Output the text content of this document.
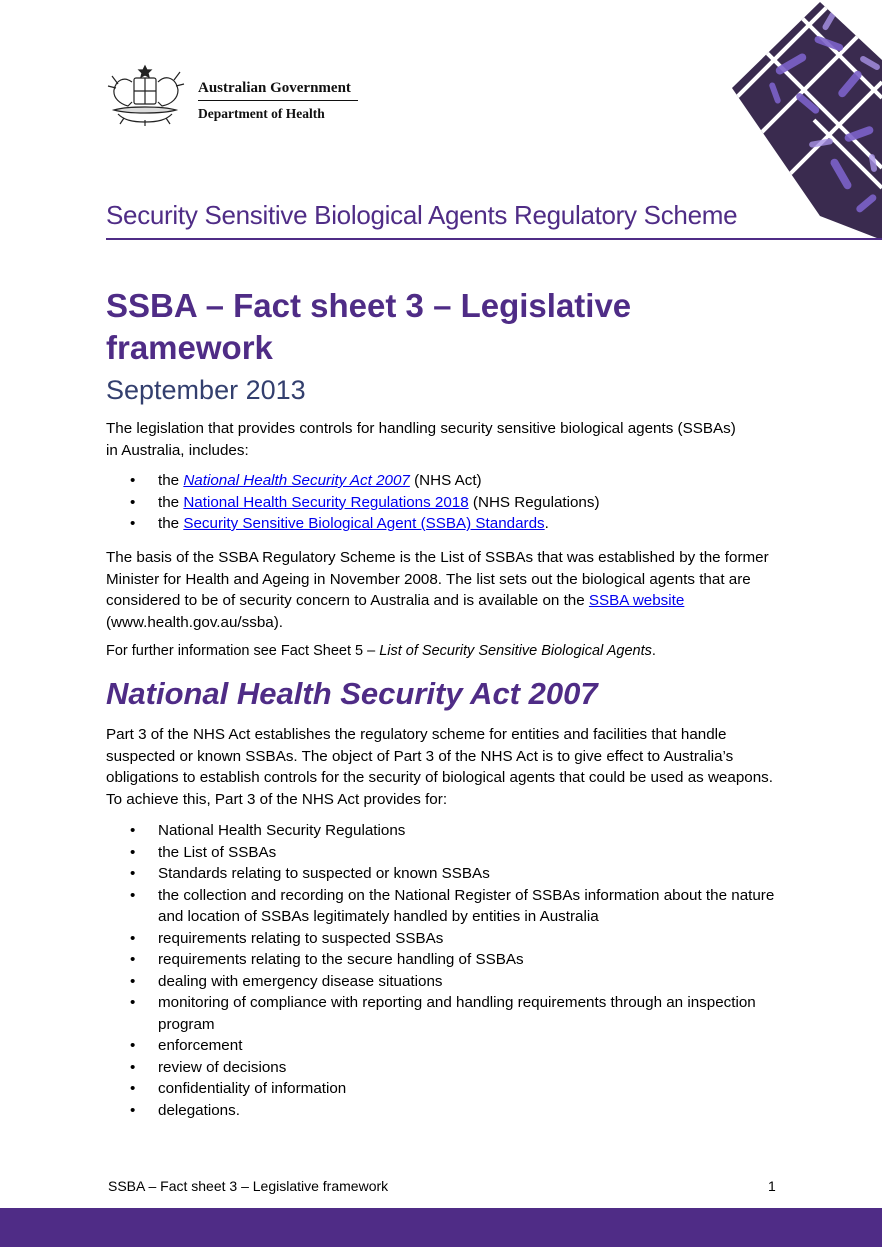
Australian Government
Department of Health
Security Sensitive Biological Agents Regulatory Scheme
SSBA – Fact sheet 3 – Legislative framework
September 2013

The legislation that provides controls for handling security sensitive biological agents (SSBAs) in Australia, includes:

• the National Health Security Act 2007 (NHS Act)
• the National Health Security Regulations 2018 (NHS Regulations)
• the Security Sensitive Biological Agent (SSBA) Standards.

The basis of the SSBA Regulatory Scheme is the List of SSBAs that was established by the former Minister for Health and Ageing in November 2008. The list sets out the biological agents that are considered to be of security concern to Australia and is available on the SSBA website (www.health.gov.au/ssba).

For further information see Fact Sheet 5 – List of Security Sensitive Biological Agents.

National Health Security Act 2007

Part 3 of the NHS Act establishes the regulatory scheme for entities and facilities that handle suspected or known SSBAs. The object of Part 3 of the NHS Act is to give effect to Australia’s obligations to establish controls for the security of biological agents that could be used as weapons. To achieve this, Part 3 of the NHS Act provides for:

• National Health Security Regulations
• the List of SSBAs
• Standards relating to suspected or known SSBAs
• the collection and recording on the National Register of SSBAs information about the nature and location of SSBAs legitimately handled by entities in Australia
• requirements relating to suspected SSBAs
• requirements relating to the secure handling of SSBAs
• dealing with emergency disease situations
• monitoring of compliance with reporting and handling requirements through an inspection program
• enforcement
• review of decisions
• confidentiality of information
• delegations.
SSBA – Fact sheet 3 – Legislative framework	1
